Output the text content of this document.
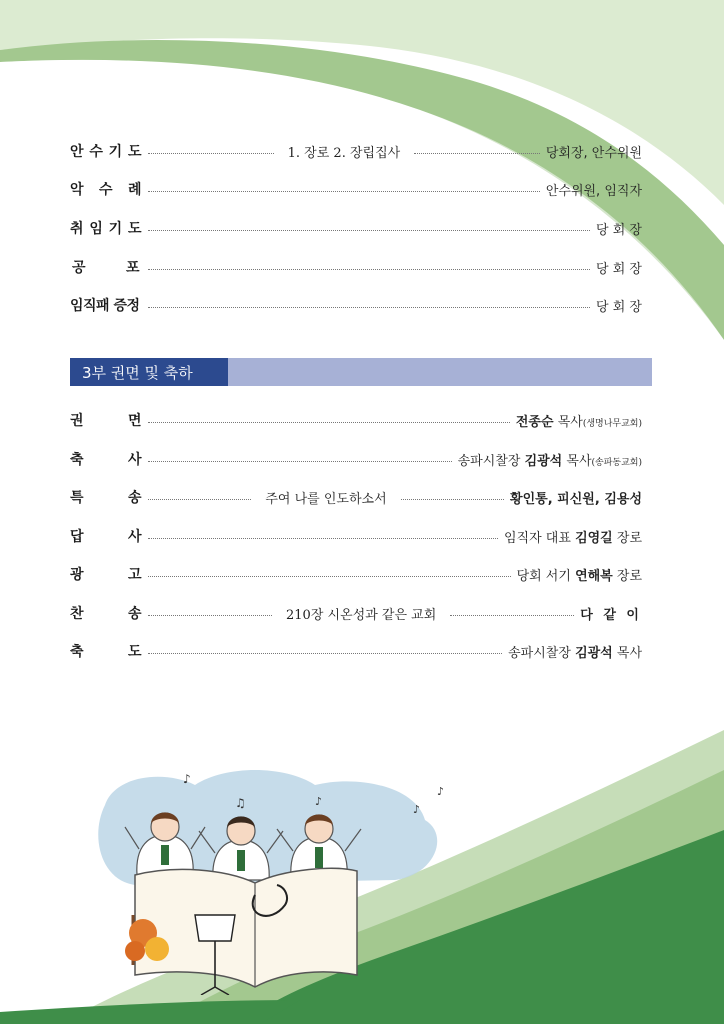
안 수 기 도	1. 장로 2. 장립집사	당회장, 안수위원
악 수 례	안수위원, 임직자
취 임 기 도	당 회 장
공	포	당 회 장
임직패 증정	당 회 장
3부 권면 및 축하
권	면	전종순 목사(생명나무교회)
축	사	송파시찰장 김광석 목사(송파동교회)
특	송	주여 나를 인도하소서	황인통, 피신원, 김용성
답	사	임직자 대표 김영길 장로
광	고	당회 서기 연해복 장로
찬	송	210장 시온성과 같은 교회	다 같 이
축	도	송파시찰장 김광석 목사
♪
♫	♪
♪
♪
